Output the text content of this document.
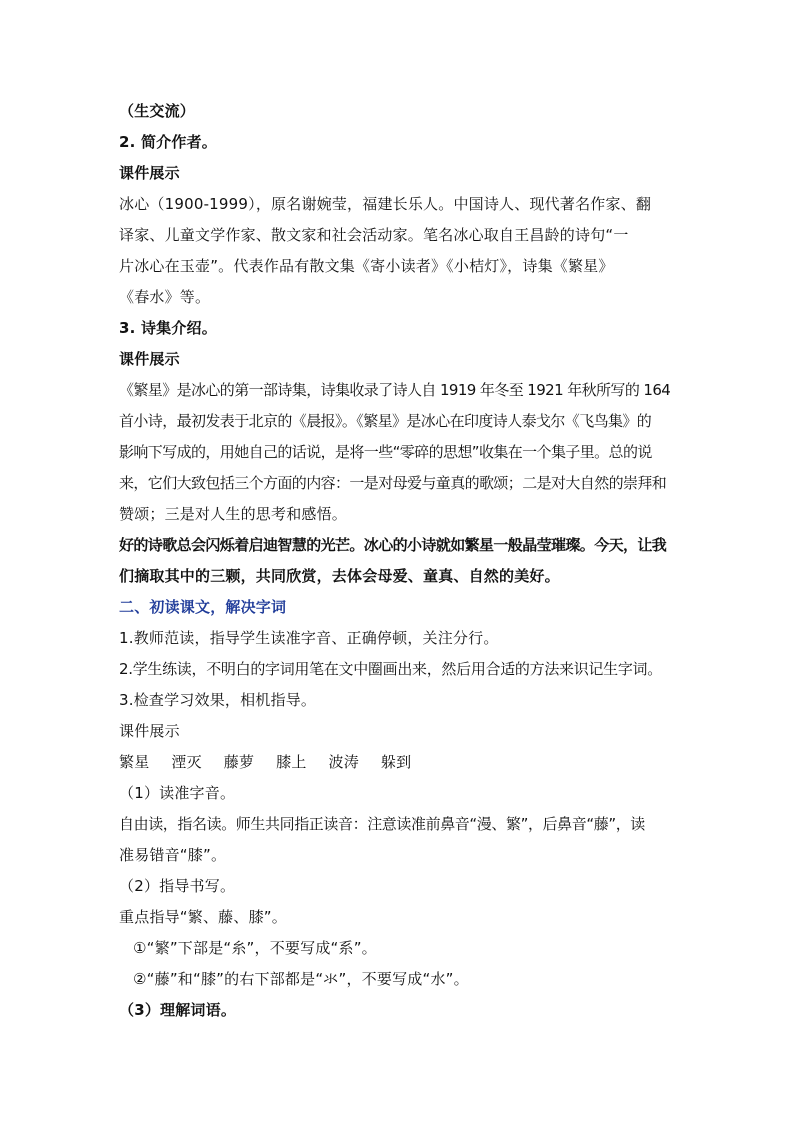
（生交流）
2. 简介作者。
课件展示
冰心（1900-1999），原名谢婉莹，福建长乐人。中国诗人、现代著名作家、翻
译家、儿童文学作家、散文家和社会活动家。笔名冰心取自王昌龄的诗句“一
片冰心在玉壶”。代表作品有散文集《寄小读者》《小桔灯》，诗集《繁星》
《春水》等。
3. 诗集介绍。
课件展示
《繁星》是冰心的第一部诗集，诗集收录了诗人自 1919 年冬至 1921 年秋所写的 164
首小诗，最初发表于北京的《晨报》。《繁星》是冰心在印度诗人泰戈尔《飞鸟集》的
影响下写成的，用她自己的话说，是将一些“零碎的思想”收集在一个集子里。总的说
来，它们大致包括三个方面的内容：一是对母爱与童真的歌颂；二是对大自然的崇拜和
赞颂；三是对人生的思考和感悟。
好的诗歌总会闪烁着启迪智慧的光芒。冰心的小诗就如繁星一般晶莹璀璨。今天，让我
们摘取其中的三颗，共同欣赏，去体会母爱、童真、自然的美好。
二、初读课文，解决字词
1.教师范读，指导学生读准字音、正确停顿，关注分行。
2.学生练读，不明白的字词用笔在文中圈画出来，然后用合适的方法来识记生字词。
3.检查学习效果，相机指导。
课件展示
繁星 湮灭 藤萝 膝上 波涛 躲到
（1）读准字音。
自由读，指名读。师生共同指正读音：注意读准前鼻音“漫、繁”，后鼻音“藤”，读
准易错音“膝”。
（2）指导书写。
重点指导“繁、藤、膝”。
①“繁”下部是“糸”，不要写成“系”。
②“藤”和“膝”的右下部都是“氺”，不要写成“水”。
（3）理解词语。
